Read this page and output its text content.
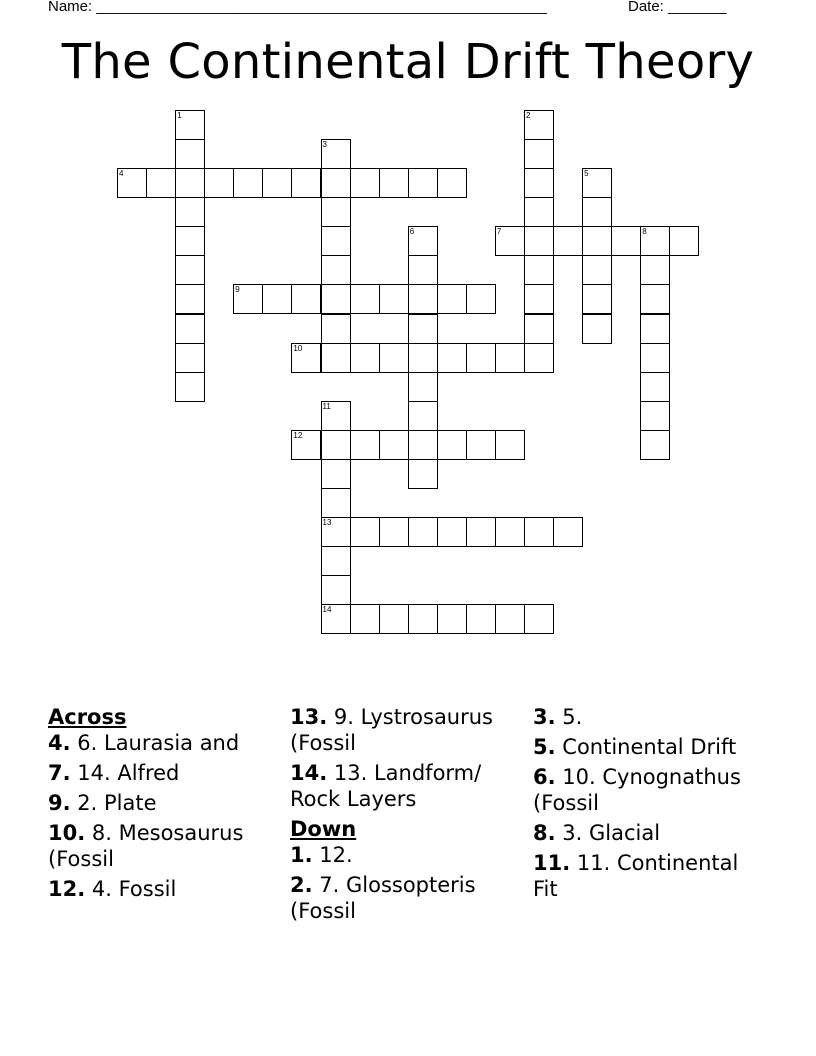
Name: ______________________________________________________	Date: _______
The Continental Drift Theory
1	2
3
4	5
6	7	8
9
10
11
12
13
14

Across

4. 6. Laurasia and

7. 14. Alfred

9. 2. Plate

10. 8. Mesosaurus (Fossil

12. 4. Fossil

13. 9. Lystrosaurus (Fossil

14. 13. Landform/ Rock Layers

Down

1. 12.

2. 7. Glossopteris (Fossil

3. 5.

5. Continental Drift

6. 10. Cynognathus (Fossil

8. 3. Glacial

11. 11. Continental Fit
